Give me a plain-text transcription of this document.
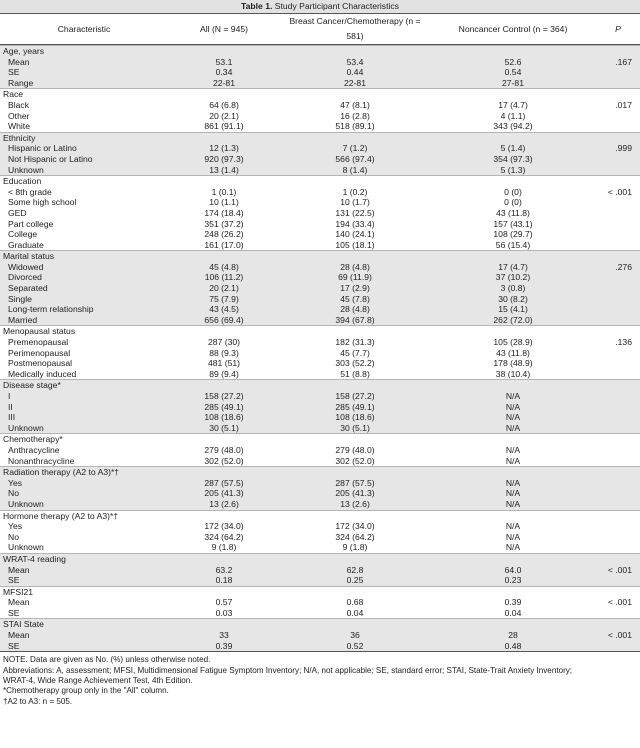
Table 1. Study Participant Characteristics
Characteristic	All (N = 945)	Breast Cancer/Chemotherapy (n = 581)	Noncancer Control (n = 364)	P
Age, years				
Mean	53.1	53.4	52.6	.167
SE	0.34	0.44	0.54	
Range	22-81	22-81	27-81	
Race				
Black	64 (6.8)	47 (8.1)	17 (4.7)	.017
Other	20 (2.1)	16 (2.8)	4 (1.1)	
White	861 (91.1)	518 (89.1)	343 (94.2)	
Ethnicity				
Hispanic or Latino	12 (1.3)	7 (1.2)	5 (1.4)	.999
Not Hispanic or Latino	920 (97.3)	566 (97.4)	354 (97.3)	
Unknown	13 (1.4)	8 (1.4)	5 (1.3)	
Education				
< 8th grade	1 (0.1)	1 (0.2)	0 (0)	< .001
Some high school	10 (1.1)	10 (1.7)	0 (0)	
GED	174 (18.4)	131 (22.5)	43 (11.8)	
Part college	351 (37.2)	194 (33.4)	157 (43.1)	
College	248 (26.2)	140 (24.1)	108 (29.7)	
Graduate	161 (17.0)	105 (18.1)	56 (15.4)	
Marital status				
Widowed	45 (4.8)	28 (4.8)	17 (4.7)	.276
Divorced	106 (11.2)	69 (11.9)	37 (10.2)	
Separated	20 (2.1)	17 (2.9)	3 (0.8)	
Single	75 (7.9)	45 (7.8)	30 (8.2)	
Long-term relationship	43 (4.5)	28 (4.8)	15 (4.1)	
Married	656 (69.4)	394 (67.8)	262 (72.0)	
Menopausal status				
Premenopausal	287 (30)	182 (31.3)	105 (28.9)	.136
Perimenopausal	88 (9.3)	45 (7.7)	43 (11.8)	
Postmenopausal	481 (51)	303 (52.2)	178 (48.9)	
Medically induced	89 (9.4)	51 (8.8)	38 (10.4)	
Disease stage*				
I	158 (27.2)	158 (27.2)	N/A	
II	285 (49.1)	285 (49.1)	N/A	
III	108 (18.6)	108 (18.6)	N/A	
Unknown	30 (5.1)	30 (5.1)	N/A	
Chemotherapy*				
Anthracycline	279 (48.0)	279 (48.0)	N/A	
Nonanthracycline	302 (52.0)	302 (52.0)	N/A	
Radiation therapy (A2 to A3)*†				
Yes	287 (57.5)	287 (57.5)	N/A	
No	205 (41.3)	205 (41.3)	N/A	
Unknown	13 (2.6)	13 (2.6)	N/A	
Hormone therapy (A2 to A3)*†				
Yes	172 (34.0)	172 (34.0)	N/A	
No	324 (64.2)	324 (64.2)	N/A	
Unknown	9 (1.8)	9 (1.8)	N/A	
WRAT-4 reading				
Mean	63.2	62.8	64.0	< .001
SE	0.18	0.25	0.23	
MFSI21				
Mean	0.57	0.68	0.39	< .001
SE	0.03	0.04	0.04	
STAI State				
Mean	33	36	28	< .001
SE	0.39	0.52	0.48	
NOTE. Data are given as No. (%) unless otherwise noted.
Abbreviations: A, assessment; MFSI, Multidimensional Fatigue Symptom Inventory; N/A, not applicable; SE, standard error; STAI, State-Trait Anxiety Inventory;
WRAT-4, Wide Range Achievement Test, 4th Edition.
*Chemotherapy group only in the "All" column.
†A2 to A3: n = 505.
